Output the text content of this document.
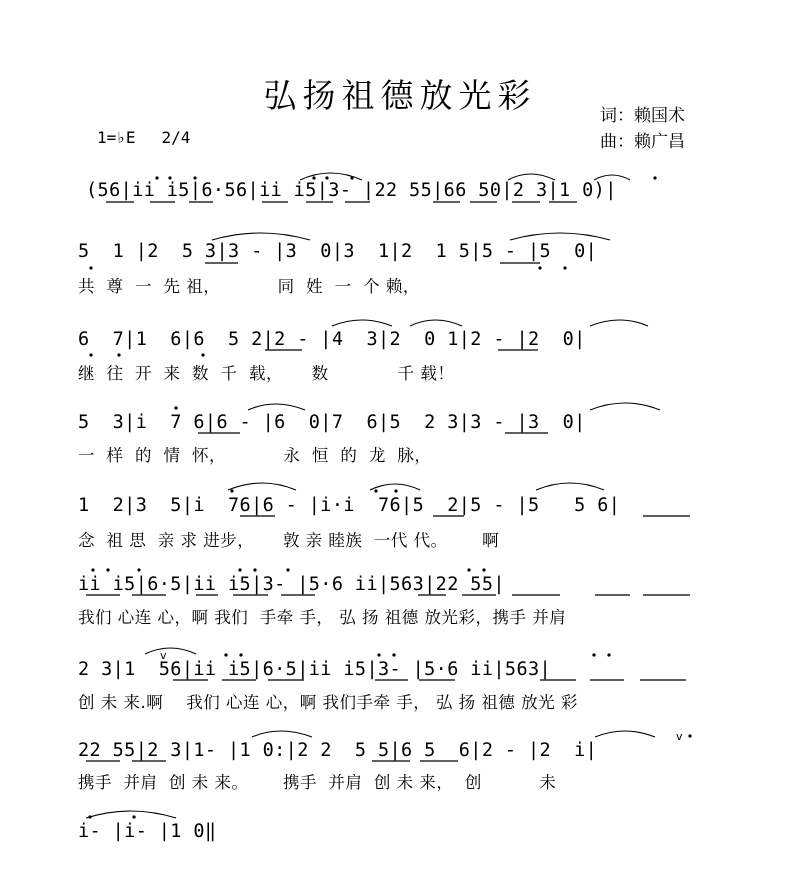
弘扬祖德放光彩
词：赖国术
曲：赖广昌
1=♭E 2/4
(56|ii i5|6·56|ii i5|3- |22 55|66 50|2 3|1 0)|
5  1 |2  5 3|3 - |3  0|3  1|2  1 5|5 - |5  0|
共  尊  一  先 祖，          同  姓  一  个 赖，
6  7|1  6|6  5 2|2 - |4  3|2  0 1|2 - |2  0|
继  往  开  来  数  千  载，     数            千 载！
5  3|i  7 6|6 - |6  0|7  6|5  2 3|3 - |3  0|
一  样  的  情  怀，          永  恒  的  龙  脉，
1  2|3  5|i  76|6 - |i·i  76|5  2|5 - |5   5 6|
念  祖 思  亲 求 进步，     敦 亲 睦族  一代 代。      啊
ii i5|6·5|ii i5|3- |5·6 ii|563|22 55|
我们 心连 心，啊 我们  手牵 手， 弘 扬 祖德 放光彩，携手 并肩
2 3|1  56|ii i5|6·5|ii i5|3- |5·6 ii|563|
创 未 来.啊    我们 心连 心，啊 我们手牵 手， 弘 扬 祖德 放光 彩
22 55|2 3|1- |1 0:|2 2  5 5|6 5  6|2 - |2  i|
携手  并肩  创 未 来。      携手  并肩  创 未 来，  创          未
i- |i- |1 0‖
v
v
